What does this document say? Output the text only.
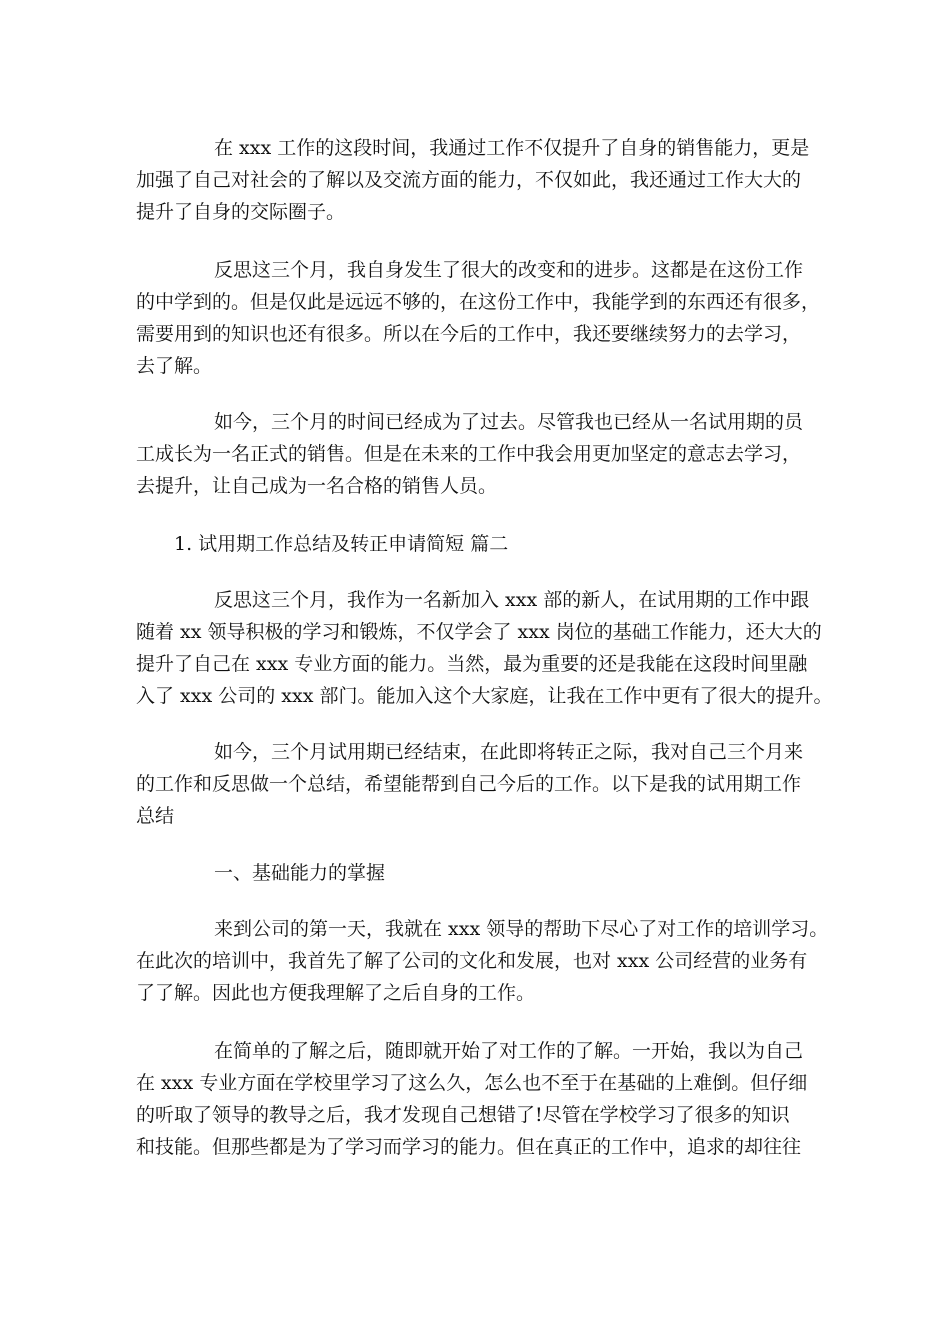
在 xxx 工作的这段时间，我通过工作不仅提升了自身的销售能力，更是
加强了自己对社会的了解以及交流方面的能力，不仅如此，我还通过工作大大的
提升了自身的交际圈子。
反思这三个月，我自身发生了很大的改变和的进步。这都是在这份工作
的中学到的。但是仅此是远远不够的，在这份工作中，我能学到的东西还有很多，
需要用到的知识也还有很多。所以在今后的工作中，我还要继续努力的去学习，
去了解。
如今，三个月的时间已经成为了过去。尽管我也已经从一名试用期的员
工成长为一名正式的销售。但是在未来的工作中我会用更加坚定的意志去学习，
去提升，让自己成为一名合格的销售人员。
1. 试用期工作总结及转正申请简短 篇二
反思这三个月，我作为一名新加入 xxx 部的新人，在试用期的工作中跟
随着 xx 领导积极的学习和锻炼，不仅学会了 xxx 岗位的基础工作能力，还大大的
提升了自己在 xxx 专业方面的能力。当然，最为重要的还是我能在这段时间里融
入了 xxx 公司的 xxx 部门。能加入这个大家庭，让我在工作中更有了很大的提升。
如今，三个月试用期已经结束，在此即将转正之际，我对自己三个月来
的工作和反思做一个总结，希望能帮到自己今后的工作。以下是我的试用期工作
总结
一、基础能力的掌握
来到公司的第一天，我就在 xxx 领导的帮助下尽心了对工作的培训学习。
在此次的培训中，我首先了解了公司的文化和发展，也对 xxx 公司经营的业务有
了了解。因此也方便我理解了之后自身的工作。
在简单的了解之后，随即就开始了对工作的了解。一开始，我以为自己
在 xxx 专业方面在学校里学习了这么久，怎么也不至于在基础的上难倒。但仔细
的听取了领导的教导之后，我才发现自己想错了!尽管在学校学习了很多的知识
和技能。但那些都是为了学习而学习的能力。但在真正的工作中，追求的却往往
